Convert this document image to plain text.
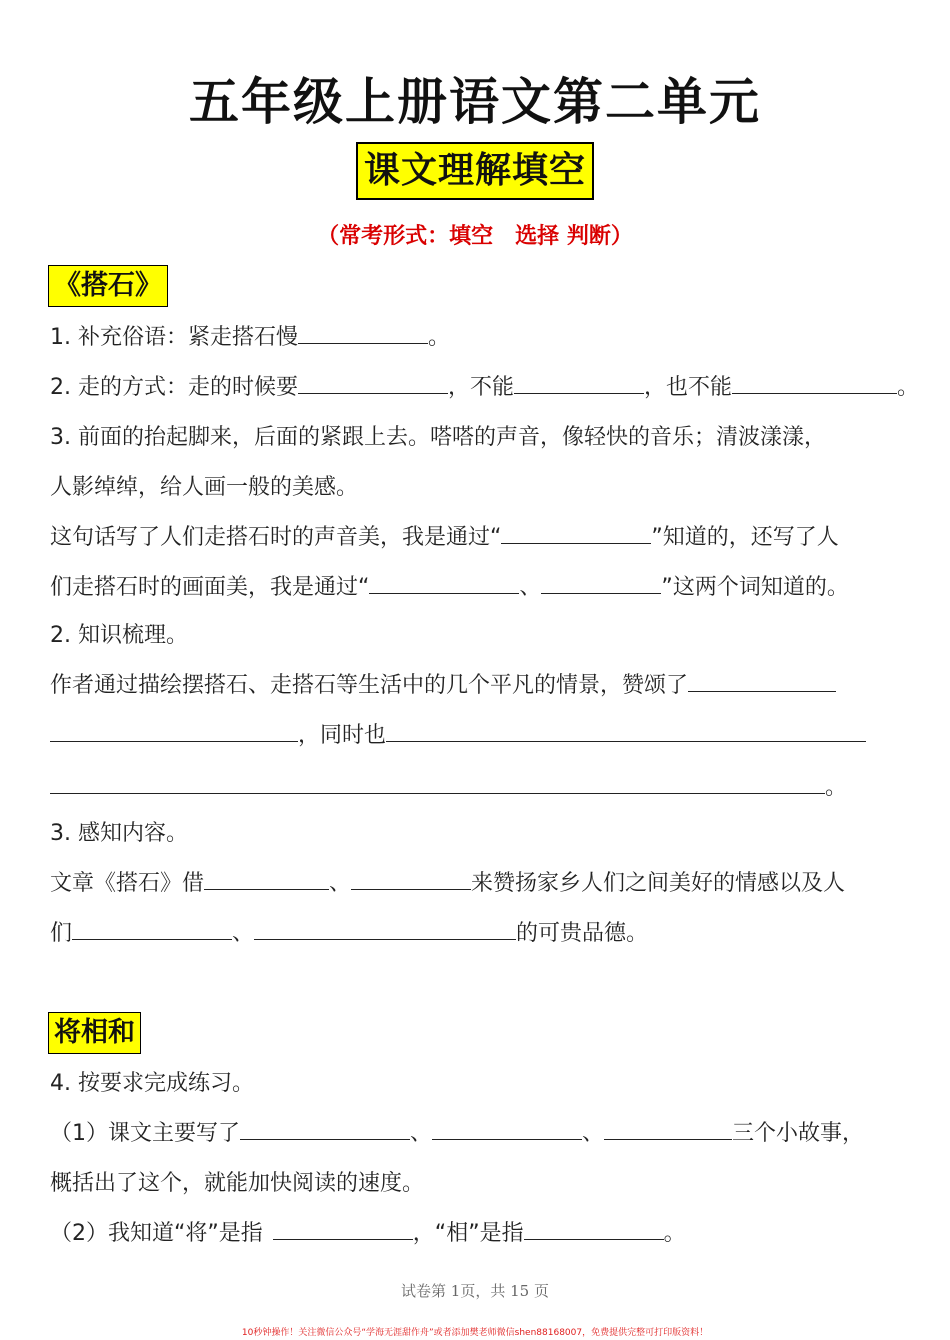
五年级上册语文第二单元
课文理解填空
（常考形式：填空　选择 判断）
《搭石》
1. 补充俗语：紧走搭石慢	。
2. 走的方式：走的时候要	，不能	，也不能	。
3. 前面的抬起脚来，后面的紧跟上去。嗒嗒的声音，像轻快的音乐；清波漾漾，
人影绰绰，给人画一般的美感。
这句话写了人们走搭石时的声音美，我是通过“	”知道的，还写了人
们走搭石时的画面美，我是通过“	、	”这两个词知道的。
2. 知识梳理。
作者通过描绘摆搭石、走搭石等生活中的几个平凡的情景，赞颂了
，同时也
。
3. 感知内容。
文章《搭石》借	、	来赞扬家乡人们之间美好的情感以及人
们	、	的可贵品德。
将相和
4. 按要求完成练习。
（1）课文主要写了	、	、	三个小故事，
概括出了这个，就能加快阅读的速度。
（2）我知道“将”是指	，“相”是指	。
试卷第 1页，共 15 页
10秒钟操作！关注微信公众号“学海无涯甜作舟”或者添加樊老师微信shen88168007，免费提供完整可打印版资料！
